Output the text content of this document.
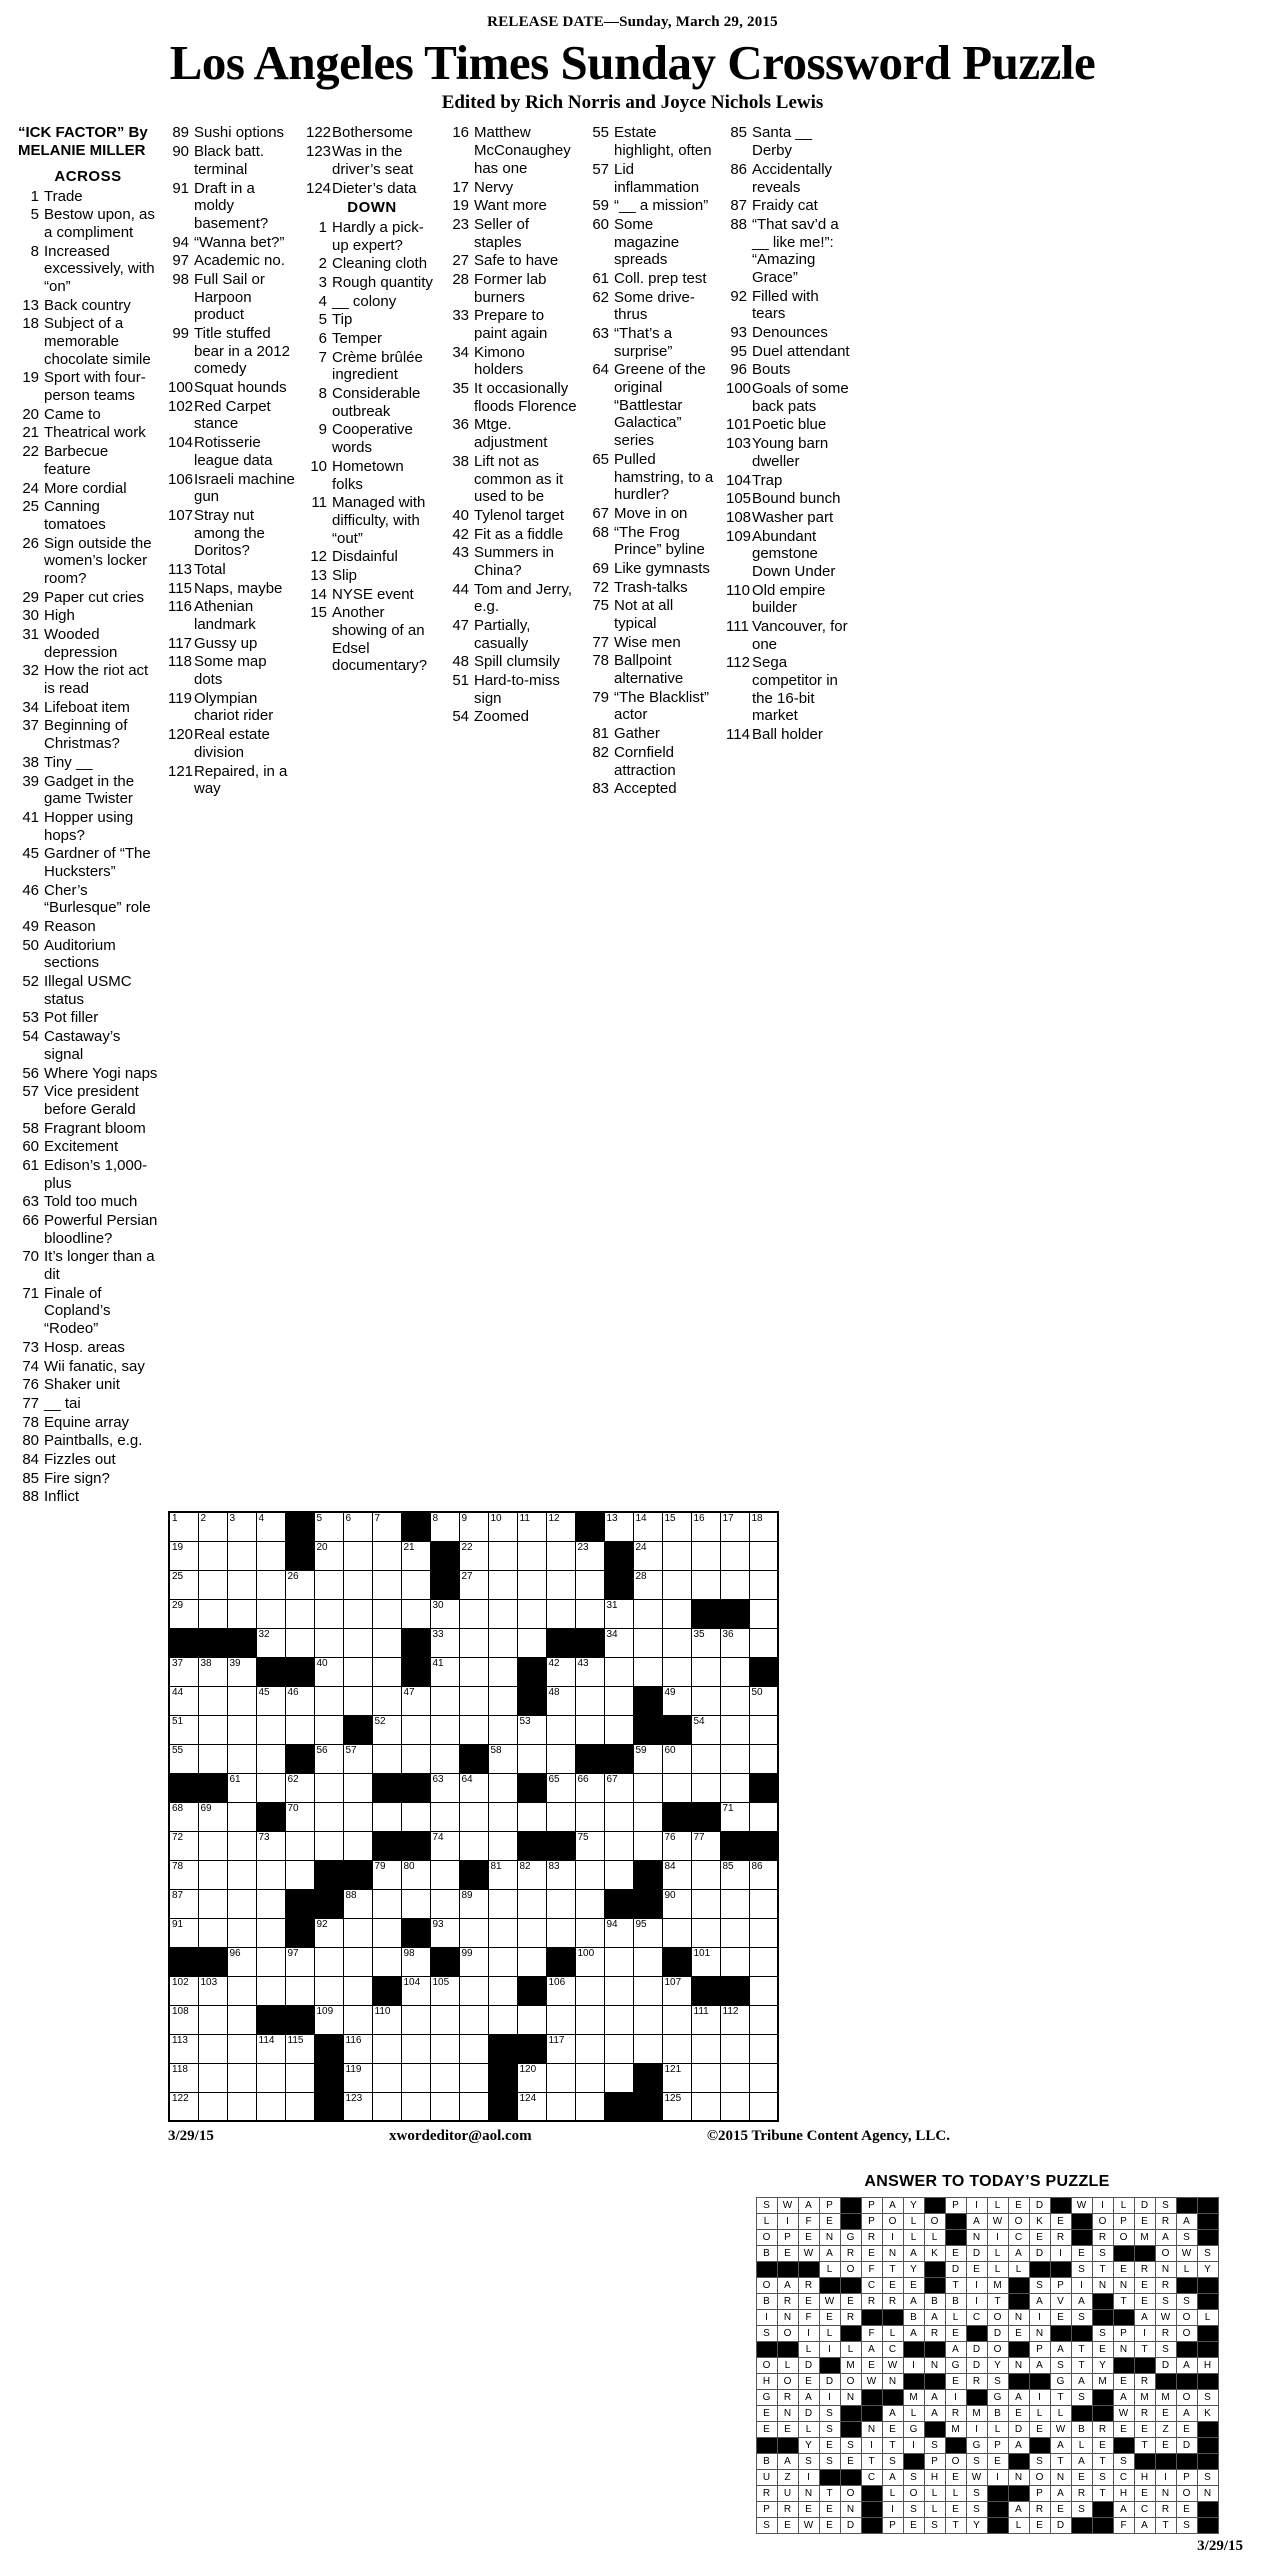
RELEASE DATE—Sunday, March 29, 2015
Los Angeles Times Sunday Crossword Puzzle
Edited by Rich Norris and Joyce Nichols Lewis
“ICK FACTOR” By MELANIE MILLER
ACROSS
1 Trade
5 Bestow upon, as a compliment
8 Increased excessively, with “on”
13 Back country
18 Subject of a memorable chocolate simile
19 Sport with four-person teams
20 Came to
21 Theatrical work
22 Barbecue feature
24 More cordial
25 Canning tomatoes
26 Sign outside the women’s locker room?
29 Paper cut cries
30 High
31 Wooded depression
32 How the riot act is read
34 Lifeboat item
37 Beginning of Christmas?
38 Tiny __
39 Gadget in the game Twister
41 Hopper using hops?
45 Gardner of “The Hucksters”
46 Cher’s “Burlesque” role
49 Reason
50 Auditorium sections
52 Illegal USMC status
53 Pot filler
54 Castaway’s signal
56 Where Yogi naps
57 Vice president before Gerald
58 Fragrant bloom
60 Excitement
61 Edison’s 1,000-plus
63 Told too much
66 Powerful Persian bloodline?
70 It’s longer than a dit
71 Finale of Copland’s “Rodeo”
73 Hosp. areas
74 Wii fanatic, say
76 Shaker unit
77 __ tai
78 Equine array
80 Paintballs, e.g.
84 Fizzles out
85 Fire sign?
88 Inflict
89 Sushi options
90 Black batt. terminal
91 Draft in a moldy basement?
94 “Wanna bet?”
97 Academic no.
98 Full Sail or Harpoon product
99 Title stuffed bear in a 2012 comedy
100 Squat hounds
102 Red Carpet stance
104 Rotisserie league data
106 Israeli machine gun
107 Stray nut among the Doritos?
113 Total
115 Naps, maybe
116 Athenian landmark
117 Gussy up
118 Some map dots
119 Olympian chariot rider
120 Real estate division
121 Repaired, in a way
122 Bothersome
123 Was in the driver’s seat
124 Dieter’s data
DOWN
1 Hardly a pick-up expert?
2 Cleaning cloth
3 Rough quantity
4 __ colony
5 Tip
6 Temper
7 Crème brûlée ingredient
8 Considerable outbreak
9 Cooperative words
10 Hometown folks
11 Managed with difficulty, with “out”
12 Disdainful
13 Slip
14 NYSE event
15 Another showing of an Edsel documentary?
16 Matthew McConaughey has one
17 Nervy
19 Want more
23 Seller of staples
27 Safe to have
28 Former lab burners
33 Prepare to paint again
34 Kimono holders
35 It occasionally floods Florence
36 Mtge. adjustment
38 Lift not as common as it used to be
40 Tylenol target
42 Fit as a fiddle
43 Summers in China?
44 Tom and Jerry, e.g.
47 Partially, casually
48 Spill clumsily
51 Hard-to-miss sign
54 Zoomed
55 Estate highlight, often
57 Lid inflammation
59 “__ a mission”
60 Some magazine spreads
61 Coll. prep test
62 Some drive-thrus
63 “That’s a surprise”
64 Greene of the original “Battlestar Galactica” series
65 Pulled hamstring, to a hurdler?
67 Move in on
68 “The Frog Prince” byline
69 Like gymnasts
72 Trash-talks
75 Not at all typical
77 Wise men
78 Ballpoint alternative
79 “The Blacklist” actor
81 Gather
82 Cornfield attraction
83 Accepted
85 Santa __ Derby
86 Accidentally reveals
87 Fraidy cat
88 “That sav’d a __ like me!”: “Amazing Grace”
92 Filled with tears
93 Denounces
95 Duel attendant
96 Bouts
100 Goals of some back pats
101 Poetic blue
103 Young barn dweller
104 Trap
105 Bound bunch
108 Washer part
109 Abundant gemstone Down Under
110 Old empire builder
111 Vancouver, for one
112 Sega competitor in the 16-bit market
114 Ball holder
1	2	3	4		5	6	7		8	9	10	11	12		13	14	15	16	17	18

19					20			21		22				23		24				

25				26						27						28				

29									30						31					

			32						33						34			35	36	

37	38	39			40				41				42	43						

44			45	46				47					48				49			50

51							52					53						54		

55					56	57					58					59	60			

		61		62					63	64			65	66	67					

68	69			70															71	

72			73						74					75			76	77		

78							79	80			81	82	83				84		85	86

87						88				89							90			

91					92				93						94	95				

		96		97				98		99				100				101		

102	103							104	105				106				107			

108					109		110											111	112	

113			114	115		116							117							

118						119						120					121			

122						123						124					125			

3/29/15	xwordeditor@aol.com	©2015 Tribune Content Agency, LLC.
ANSWER TO TODAY’S PUZZLE
S	W	A	P		P	A	Y		P	I	L	E	D		W	I	L	D	S		
L	I	F	E		P	O	L	O		A	W	O	K	E		O	P	E	R	A	
O	P	E	N	G	R	I	L	L		N	I	C	E	R		R	O	M	A	S	
B	E	W	A	R	E	N	A	K	E	D	L	A	D	I	E	S			O	W	S
			L	O	F	T	Y		D	E	L	L			S	T	E	R	N	L	Y
O	A	R			C	E	E		T	I	M		S	P	I	N	N	E	R		
B	R	E	W	E	R	R	A	B	B	I	T		A	V	A		T	E	S	S	
I	N	F	E	R			B	A	L	C	O	N	I	E	S			A	W	O	L
S	O	I	L		F	L	A	R	E		D	E	N			S	P	I	R	O	
		L	I	L	A	C			A	D	O		P	A	T	E	N	T	S		
O	L	D		M	E	W	I	N	G	D	Y	N	A	S	T	Y			D	A	H
H	O	E	D	O	W	N			E	R	S			G	A	M	E	R			
G	R	A	I	N			M	A	I		G	A	I	T	S		A	M	M	O	S
E	N	D	S			A	L	A	R	M	B	E	L	L			W	R	E	A	K
E	E	L	S		N	E	G		M	I	L	D	E	W	B	R	E	E	Z	E	
		Y	E	S	I	T	I	S		G	P	A		A	L	E		T	E	D	
B	A	S	S	E	T	S		P	O	S	E		S	T	A	T	S				
U	Z	I			C	A	S	H	E	W	I	N	O	N	E	S	C	H	I	P	S
R	U	N	T	O		L	O	L	L	S			P	A	R	T	H	E	N	O	N
P	R	E	E	N		I	S	L	E	S		A	R	E	S		A	C	R	E	
S	E	W	E	D		P	E	S	T	Y		L	E	D			F	A	T	S	
3/29/15
